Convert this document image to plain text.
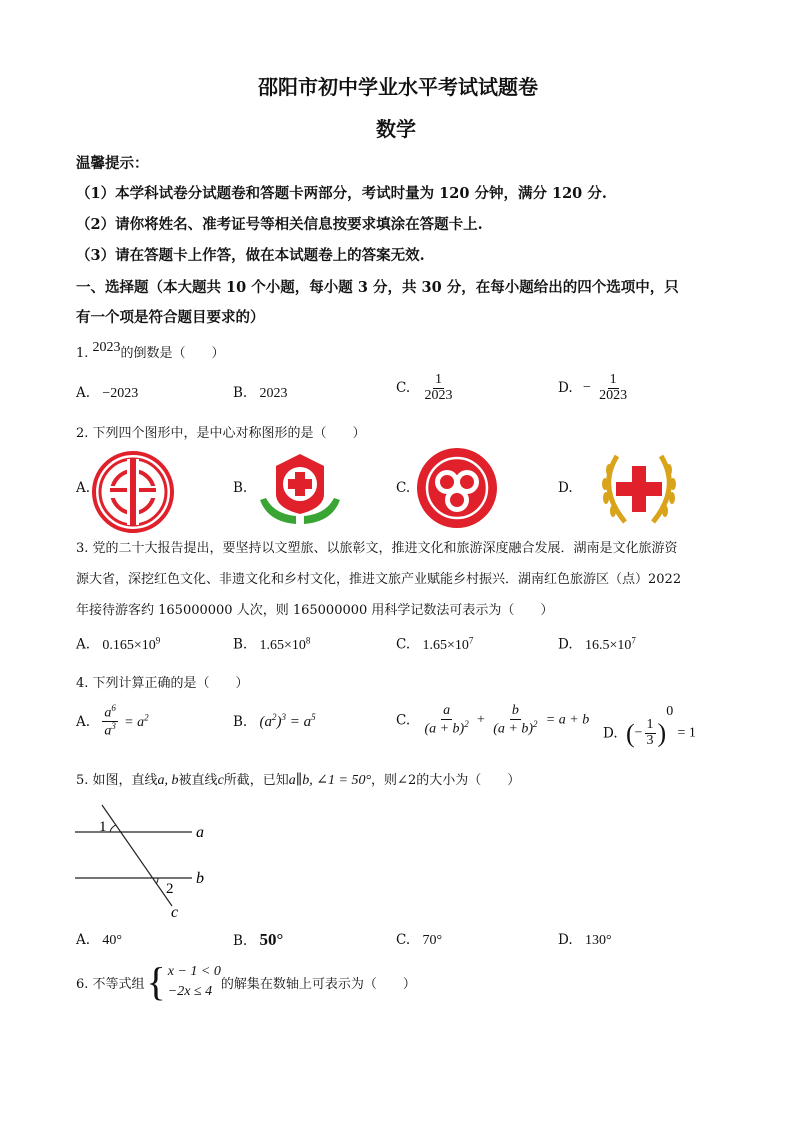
邵阳市初中学业水平考试试题卷
数学
温馨提示：
（1）本学科试卷分试题卷和答题卡两部分，考试时量为 120 分钟，满分 120 分.
（2）请你将姓名、准考证号等相关信息按要求填涂在答题卡上.
（3）请在答题卡上作答，做在本试题卷上的答案无效.
一、选择题（本大题共 10 个小题，每小题 3 分，共 30 分，在每小题给出的四个选项中，只
有一个项是符合题目要求的）
1. 2023的倒数是（　　）
A. −2023	B. 2023	C. $\frac{1}{2023}$	D. − $\frac{1}{2023}$
2. 下列四个图形中，是中心对称图形的是（　　）
A.	B.	C.	D.
3. 党的二十大报告提出，要坚持以文塑旅、以旅彰文，推进文化和旅游深度融合发展．湖南是文化旅游资
源大省，深挖红色文化、非遗文化和乡村文化，推进文旅产业赋能乡村振兴．湖南红色旅游区（点）2022
年接待游客约 165000000 人次，则 165000000 用科学记数法可表示为（　　）
A. $0.165\times 10^9$	B. $1.65\times 10^8$	C. $1.65\times 10^7$	D. $16.5\times 10^7$
4. 下列计算正确的是（　　）
A. $\frac{a^6}{a^3} = a^2$	B. $(a^2)^3 = a^5$	C. $\frac{a}{(a + b)^2} + \frac{b}{(a + b)^2} = a + b$
D. (− $\frac{1}{3} )^0 = 1$
5. 如图，直线a, b被直线c所截，已知a∥b, ∠1 = 50°，则∠2的大小为（　　）
1
2
a
b
c
A. 40°	B. 50°	C. 70°	D. 130°
6. 不等式组 { x − 1 < 0
−2x ≤ 4 的解集在数轴上可表示为（　　）
